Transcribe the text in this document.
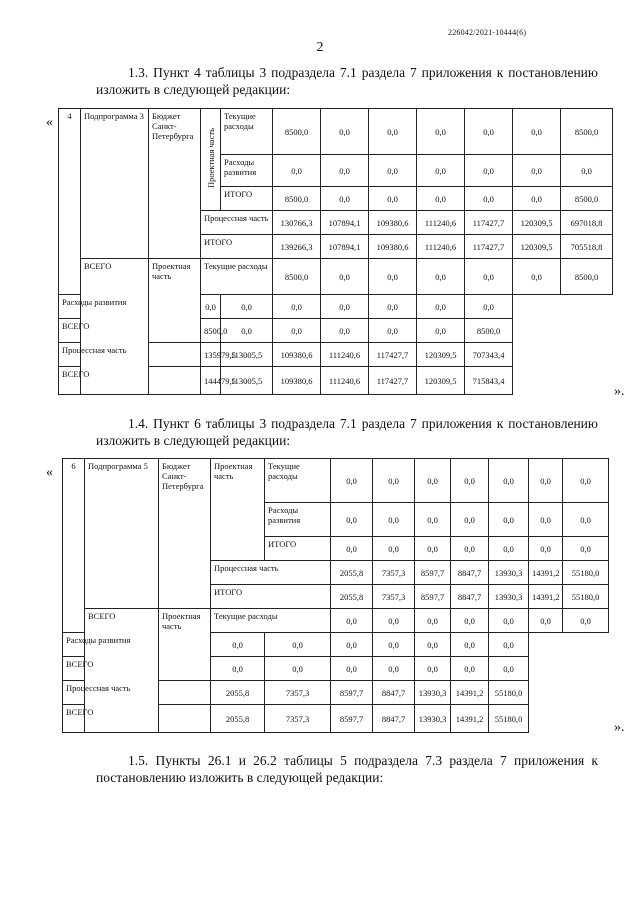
226042/2021-10444(6)
2
1.3. Пункт 4 таблицы 3 подраздела 7.1 раздела 7 приложения к постановлению изложить в следующей редакции:
« 4	Подпрограмма 3	Бюджет Санкт-Петербурга	Проектная часть	Текущие расходы	8500,0	0,0	0,0	0,0	0,0	0,0	8500,0
				Расходы развития	0,0	0,0	0,0	0,0	0,0	0,0	0,0
				ИТОГО	8500,0	0,0	0,0	0,0	0,0	0,0	8500,0
			Процессная часть		130766,3	107894,1	109380,6	111240,6	117427,7	120309,5	697018,8
			ИТОГО		139266,3	107894,1	109380,6	111240,6	117427,7	120309,5	705518,8
	ВСЕГО	Проектная часть	Текущие расходы		8500,0	0,0	0,0	0,0	0,0	0,0	8500,0
Расходы развития			0,0	0,0	0,0	0,0	0,0	0,0	0,0		
ВСЕГО			8500,0	0,0	0,0	0,0	0,0	0,0	8500,0		
Процессная часть			135979,5	113005,5	109380,6	111240,6	117427,7	120309,5	707343,4		
ВСЕГО			144479,5	113005,5	109380,6	111240,6	117427,7	120309,5	715843,4		
».
1.4. Пункт 6 таблицы 3 подраздела 7.1 раздела 7 приложения к постановлению изложить в следующей редакции:
« 6	Подпрограмма 5	Бюджет Санкт-Петербурга	Проектная часть	Текущие расходы	0,0	0,0	0,0	0,0	0,0	0,0	0,0
				Расходы развития	0,0	0,0	0,0	0,0	0,0	0,0	0,0
				ИТОГО	0,0	0,0	0,0	0,0	0,0	0,0	0,0
			Процессная часть		2055,8	7357,3	8597,7	8847,7	13930,3	14391,2	55180,0
			ИТОГО		2055,8	7357,3	8597,7	8847,7	13930,3	14391,2	55180,0
	ВСЕГО	Проектная часть	Текущие расходы		0,0	0,0	0,0	0,0	0,0	0,0	0,0
Расходы развития			0,0	0,0	0,0	0,0	0,0	0,0	0,0		
ВСЕГО			0,0	0,0	0,0	0,0	0,0	0,0	0,0		
Процессная часть			2055,8	7357,3	8597,7	8847,7	13930,3	14391,2	55180,0		
ВСЕГО			2055,8	7357,3	8597,7	8847,7	13930,3	14391,2	55180,0		
».
1.5. Пункты 26.1 и 26.2 таблицы 5 подраздела 7.3 раздела 7 приложения к постановлению изложить в следующей редакции:
